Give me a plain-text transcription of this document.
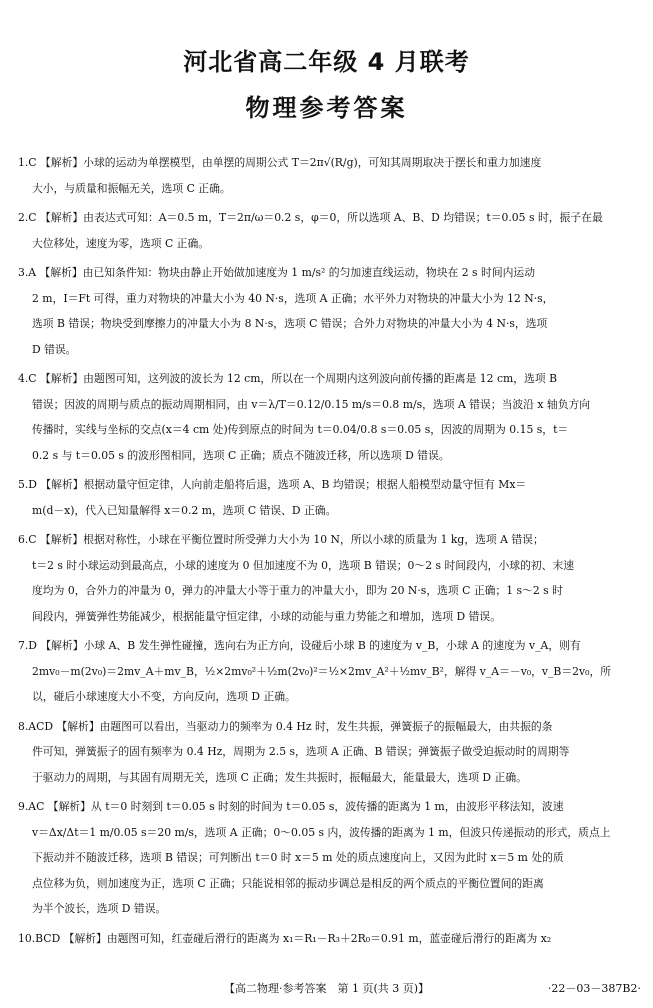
河北省高二年级 4 月联考
物理参考答案
1.C 【解析】小球的运动为单摆模型，由单摆的周期公式 T＝2π√(R/g)，可知其周期取决于摆长和重力加速度
大小，与质量和振幅无关，选项 C 正确。
2.C 【解析】由表达式可知：A＝0.5 m，T＝2π/ω＝0.2 s，φ＝0，所以选项 A、B、D 均错误；t＝0.05 s 时，振子在最
大位移处，速度为零，选项 C 正确。
3.A 【解析】由已知条件知：物块由静止开始做加速度为 1 m/s² 的匀加速直线运动，物块在 2 s 时间内运动
2 m，I＝Ft 可得，重力对物块的冲量大小为 40 N·s，选项 A 正确；水平外力对物块的冲量大小为 12 N·s，
选项 B 错误；物块受到摩擦力的冲量大小为 8 N·s，选项 C 错误；合外力对物块的冲量大小为 4 N·s，选项
D 错误。
4.C 【解析】由题图可知，这列波的波长为 12 cm，所以在一个周期内这列波向前传播的距离是 12 cm，选项 B
错误；因波的周期与质点的振动周期相同，由 v＝λ/T＝0.12/0.15 m/s＝0.8 m/s，选项 A 错误；当波沿 x 轴负方向
传播时，实线与坐标的交点(x＝4 cm 处)传到原点的时间为 t＝0.04/0.8 s＝0.05 s，因波的周期为 0.15 s，t＝
0.2 s 与 t＝0.05 s 的波形图相同，选项 C 正确；质点不随波迁移，所以选项 D 错误。
5.D 【解析】根据动量守恒定律，人向前走船将后退，选项 A、B 均错误；根据人船模型动量守恒有 Mx＝
m(d－x)，代入已知量解得 x＝0.2 m，选项 C 错误、D 正确。
6.C 【解析】根据对称性，小球在平衡位置时所受弹力大小为 10 N，所以小球的质量为 1 kg，选项 A 错误；
t＝2 s 时小球运动到最高点，小球的速度为 0 但加速度不为 0，选项 B 错误；0～2 s 时间段内，小球的初、末速
度均为 0，合外力的冲量为 0，弹力的冲量大小等于重力的冲量大小，即为 20 N·s，选项 C 正确；1 s～2 s 时
间段内，弹簧弹性势能减少，根据能量守恒定律，小球的动能与重力势能之和增加，选项 D 错误。
7.D 【解析】小球 A、B 发生弹性碰撞，选向右为正方向，设碰后小球 B 的速度为 v_B，小球 A 的速度为 v_A，则有
2mv₀－m(2v₀)＝2mv_A＋mv_B，½×2mv₀²＋½m(2v₀)²＝½×2mv_A²＋½mv_B²，解得 v_A＝－v₀，v_B＝2v₀，所
以，碰后小球速度大小不变，方向反向，选项 D 正确。
8.ACD 【解析】由题图可以看出，当驱动力的频率为 0.4 Hz 时，发生共振，弹簧振子的振幅最大，由共振的条
件可知，弹簧振子的固有频率为 0.4 Hz，周期为 2.5 s，选项 A 正确、B 错误；弹簧振子做受迫振动时的周期等
于驱动力的周期，与其固有周期无关，选项 C 正确；发生共振时，振幅最大，能量最大，选项 D 正确。
9.AC 【解析】从 t＝0 时刻到 t＝0.05 s 时刻的时间为 t＝0.05 s，波传播的距离为 1 m，由波形平移法知，波速
v＝Δx/Δt＝1 m/0.05 s＝20 m/s，选项 A 正确；0～0.05 s 内，波传播的距离为 1 m，但波只传递振动的形式，质点上
下振动并不随波迁移，选项 B 错误；可判断出 t＝0 时 x＝5 m 处的质点速度向上，又因为此时 x＝5 m 处的质
点位移为负，则加速度为正，选项 C 正确；只能说相邻的振动步调总是相反的两个质点的平衡位置间的距离
为半个波长，选项 D 错误。
10.BCD 【解析】由题图可知，红壶碰后滑行的距离为 x₁＝R₁－R₃＋2R₀＝0.91 m，蓝壶碰后滑行的距离为 x₂
【高二物理·参考答案　第 1 页(共 3 页)】	·22－03－387B2·
